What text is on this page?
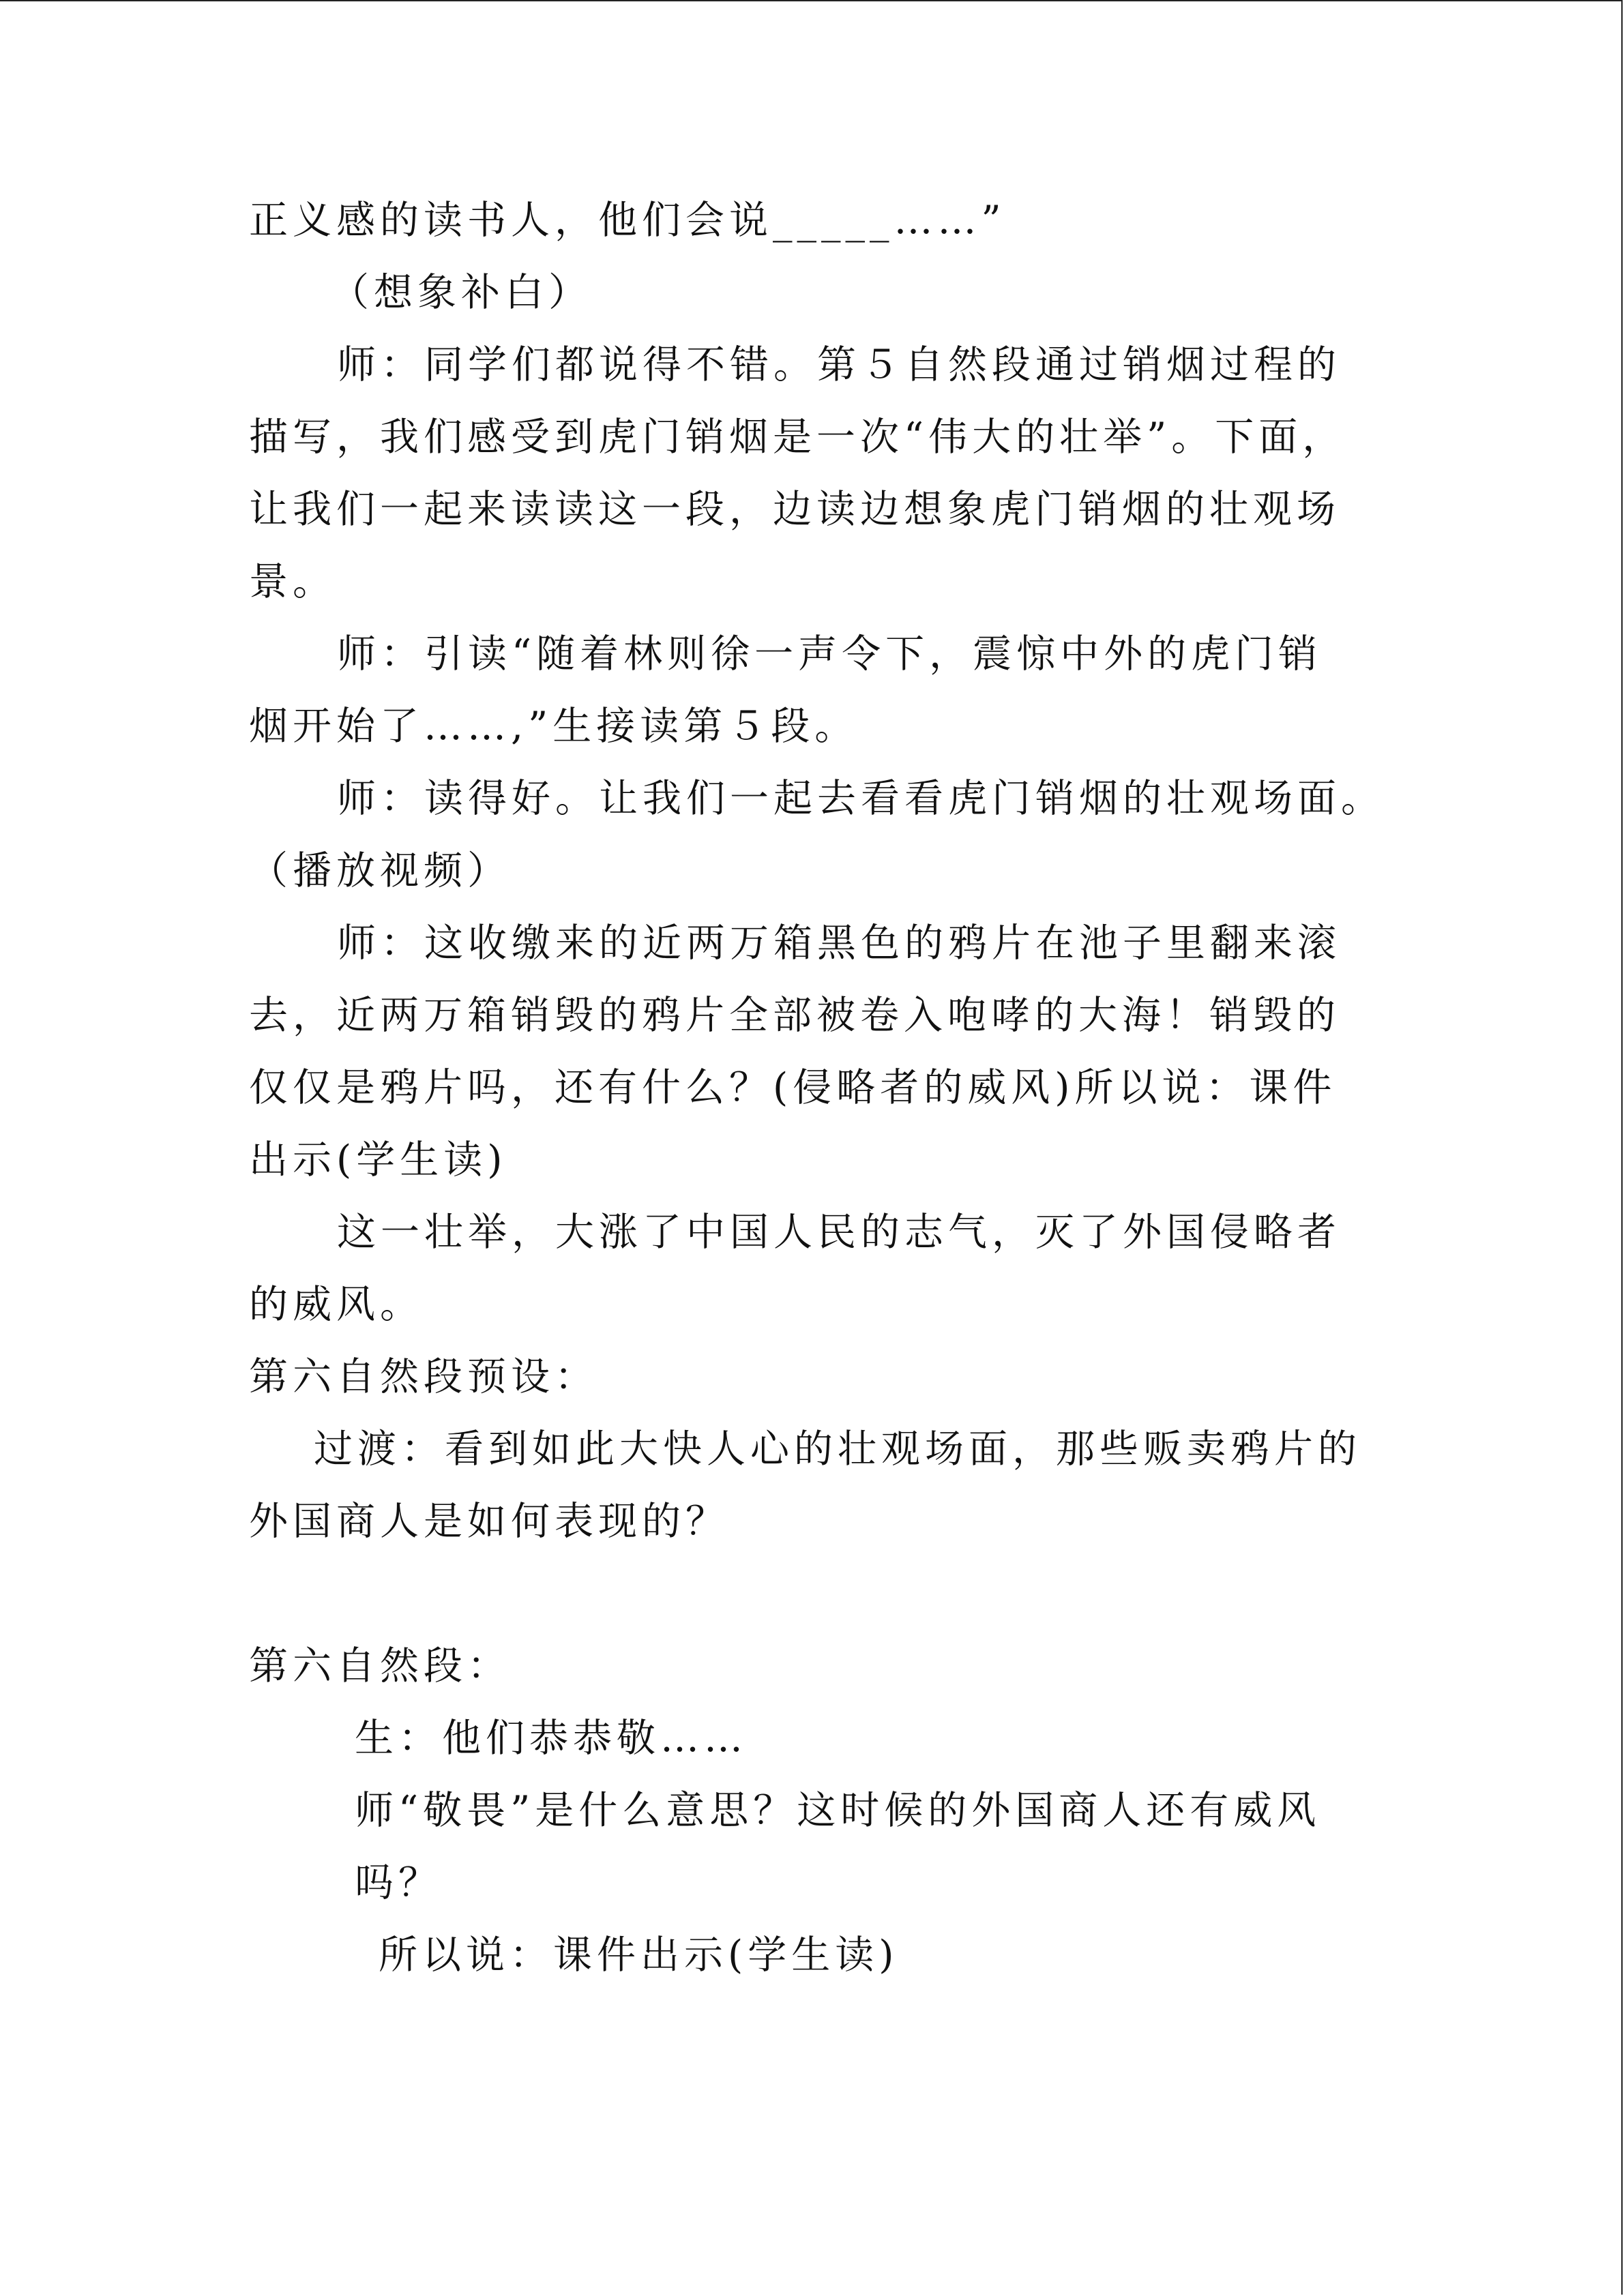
正义感的读书人，他们会说_____……”
（想象补白）
师：同学们都说得不错。第５自然段通过销烟过程的
描写，我们感受到虎门销烟是一次“伟大的壮举”。下面，
让我们一起来读读这一段，边读边想象虎门销烟的壮观场
景。
师：引读“随着林则徐一声令下，震惊中外的虎门销
烟开始了……,”生接读第５段。
师：读得好。让我们一起去看看虎门销烟的壮观场面。
（播放视频）
师：这收缴来的近两万箱黑色的鸦片在池子里翻来滚
去，近两万箱销毁的鸦片全部被卷入咆哮的大海！销毁的
仅仅是鸦片吗，还有什么？(侵略者的威风)所以说：课件
出示(学生读)
这一壮举，大涨了中国人民的志气，灭了外国侵略者
的威风。
第六自然段预设：
过渡：看到如此大快人心的壮观场面，那些贩卖鸦片的
外国商人是如何表现的？
第六自然段：
生：他们恭恭敬……
师“敬畏”是什么意思？这时候的外国商人还有威风
吗？
所以说：课件出示(学生读)
